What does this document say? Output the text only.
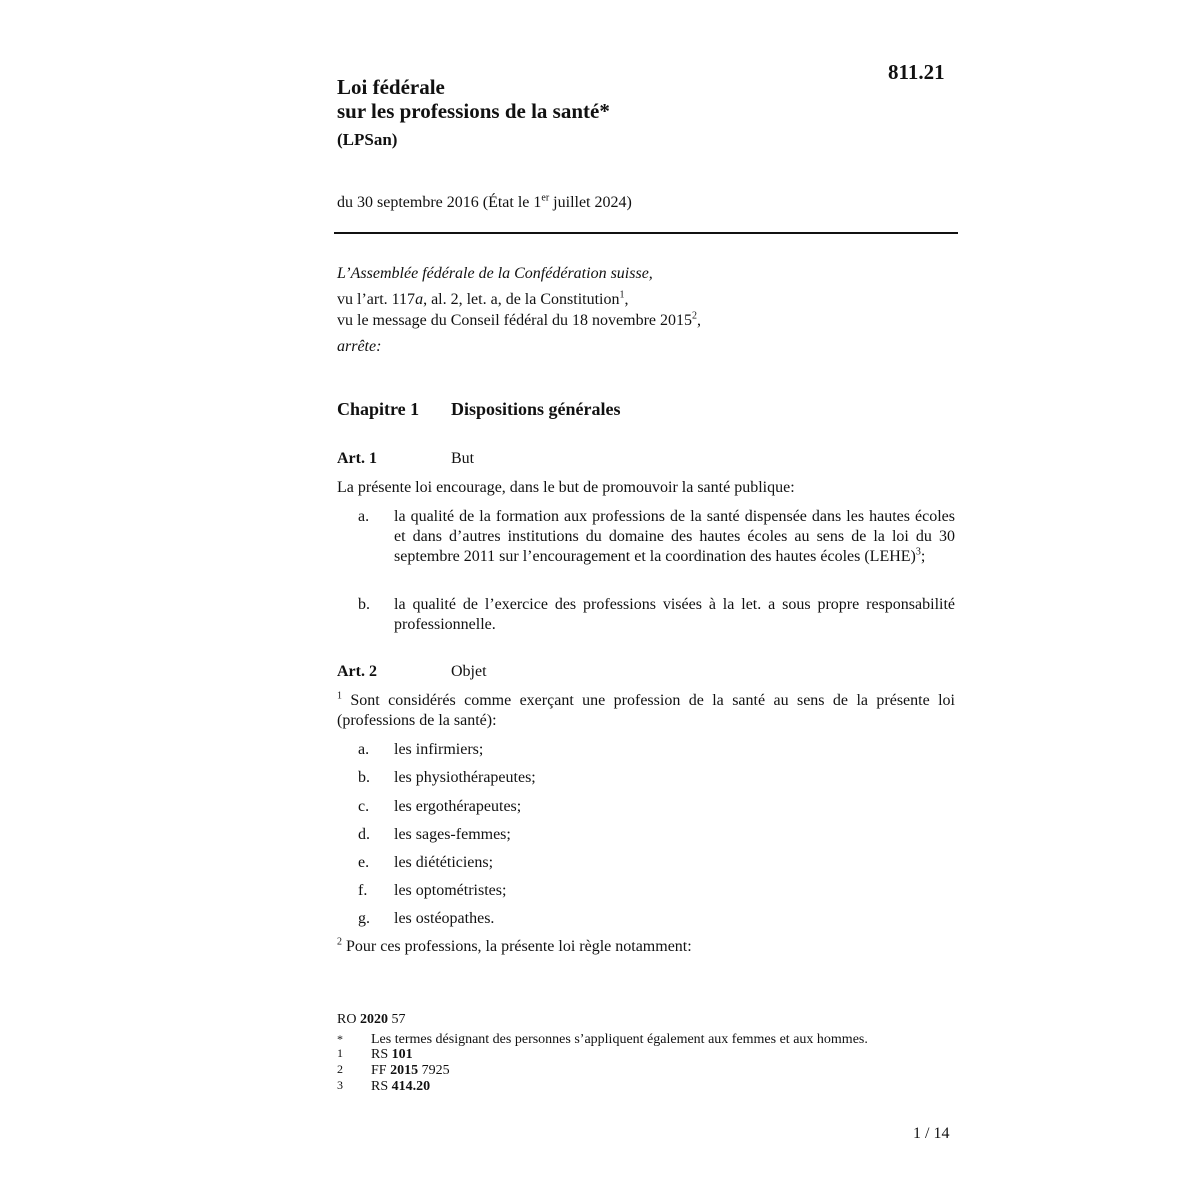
811.21
Loi fédérale
sur les professions de la santé*
(LPSan)
du 30 septembre 2016 (État le 1er juillet 2024)
L’Assemblée fédérale de la Confédération suisse,
vu l’art. 117a, al. 2, let. a, de la Constitution$^1$,
vu le message du Conseil fédéral du 18 novembre 2015$^2$,
arrête:
Chapitre 1 Dispositions générales
Art. 1	But
La présente loi encourage, dans le but de promouvoir la santé publique:
a. la qualité de la formation aux professions de la santé dispensée dans les hautes écoles et dans d’autres institutions du domaine des hautes écoles au sens de la loi du 30 septembre 2011 sur l’encouragement et la coordination des hautes écoles (LEHE)$^3$;
b. la qualité de l’exercice des professions visées à la let. a sous propre responsabilité professionnelle.
Art. 2	Objet
$^1$ Sont considérés comme exerçant une profession de la santé au sens de la présente loi (professions de la santé):
a. les infirmiers;
b. les physiothérapeutes;
c. les ergothérapeutes;
d. les sages-femmes;
e. les diététiciens;
f. les optométristes;
g. les ostéopathes.
$^2$ Pour ces professions, la présente loi règle notamment:
RO 2020 57
* Les termes désignant des personnes s’appliquent également aux femmes et aux hommes.
1 RS 101
2 FF 2015 7925
3 RS 414.20
1 / 14
